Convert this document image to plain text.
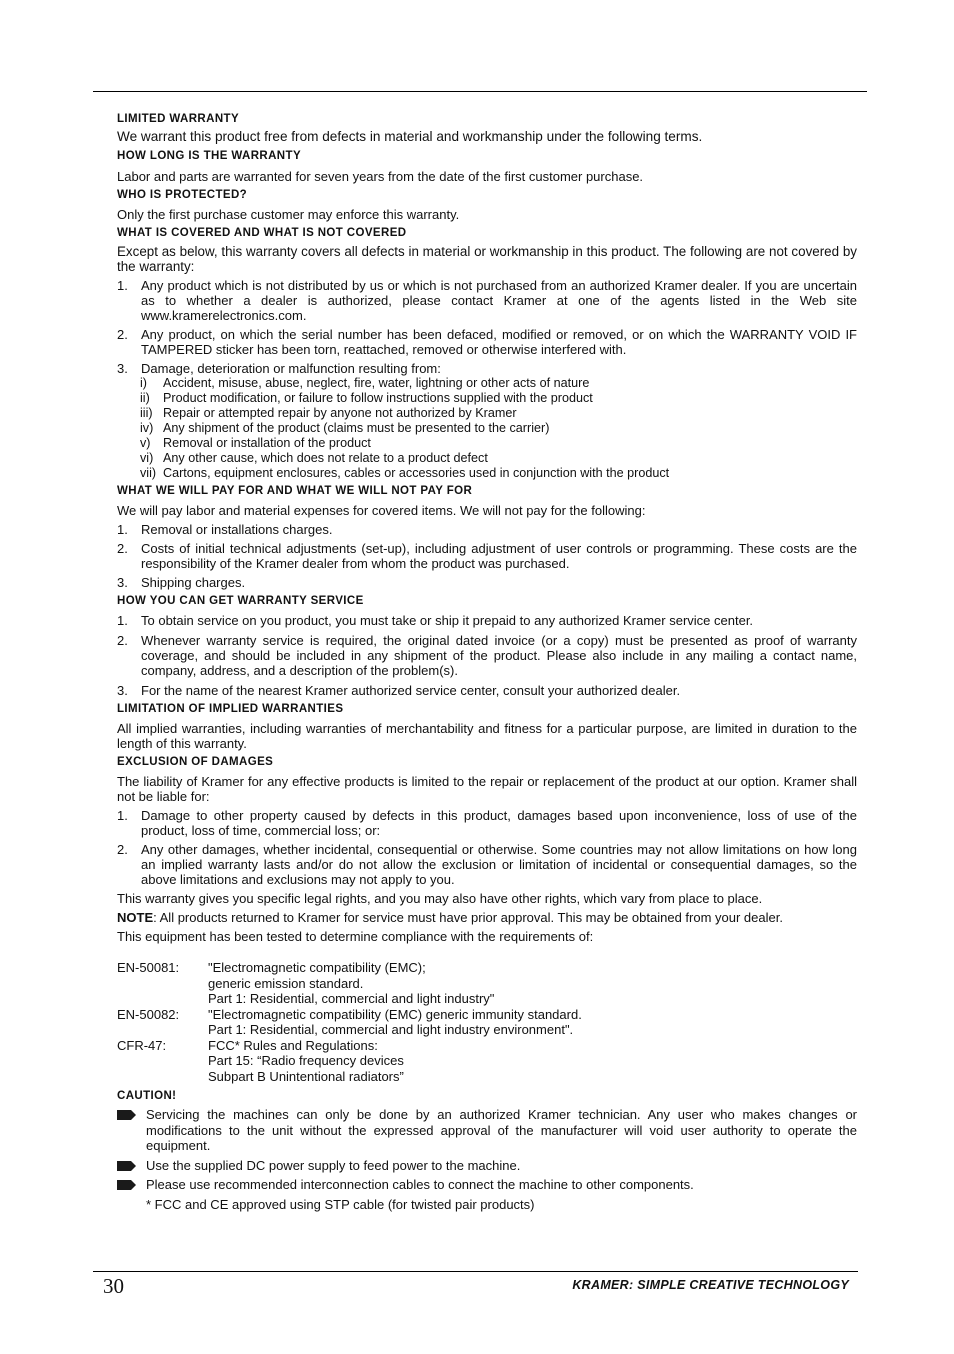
LIMITED WARRANTY
We warrant this product free from defects in material and workmanship under the following terms.
HOW LONG IS THE WARRANTY
Labor and parts are warranted for seven years from the date of the first customer purchase.
WHO IS PROTECTED?
Only the first purchase customer may enforce this warranty.
WHAT IS COVERED AND WHAT IS NOT COVERED
Except as below, this warranty covers all defects in material or workmanship in this product. The following are not covered by the warranty:
1. Any product which is not distributed by us or which is not purchased from an authorized Kramer dealer. If you are uncertain as to whether a dealer is authorized, please contact Kramer at one of the agents listed in the Web site www.kramerelectronics.com.
2. Any product, on which the serial number has been defaced, modified or removed, or on which the WARRANTY VOID IF TAMPERED sticker has been torn, reattached, removed or otherwise interfered with.
3. Damage, deterioration or malfunction resulting from:
i) Accident, misuse, abuse, neglect, fire, water, lightning or other acts of nature
ii) Product modification, or failure to follow instructions supplied with the product
iii) Repair or attempted repair by anyone not authorized by Kramer
iv) Any shipment of the product (claims must be presented to the carrier)
v) Removal or installation of the product
vi) Any other cause, which does not relate to a product defect
vii) Cartons, equipment enclosures, cables or accessories used in conjunction with the product
WHAT WE WILL PAY FOR AND WHAT WE WILL NOT PAY FOR
We will pay labor and material expenses for covered items. We will not pay for the following:
1. Removal or installations charges.
2. Costs of initial technical adjustments (set-up), including adjustment of user controls or programming. These costs are the responsibility of the Kramer dealer from whom the product was purchased.
3. Shipping charges.
HOW YOU CAN GET WARRANTY SERVICE
1. To obtain service on you product, you must take or ship it prepaid to any authorized Kramer service center.
2. Whenever warranty service is required, the original dated invoice (or a copy) must be presented as proof of warranty coverage, and should be included in any shipment of the product. Please also include in any mailing a contact name, company, address, and a description of the problem(s).
3. For the name of the nearest Kramer authorized service center, consult your authorized dealer.
LIMITATION OF IMPLIED WARRANTIES
All implied warranties, including warranties of merchantability and fitness for a particular purpose, are limited in duration to the length of this warranty.
EXCLUSION OF DAMAGES
The liability of Kramer for any effective products is limited to the repair or replacement of the product at our option. Kramer shall not be liable for:
1. Damage to other property caused by defects in this product, damages based upon inconvenience, loss of use of the product, loss of time, commercial loss; or:
2. Any other damages, whether incidental, consequential or otherwise. Some countries may not allow limitations on how long an implied warranty lasts and/or do not allow the exclusion or limitation of incidental or consequential damages, so the above limitations and exclusions may not apply to you.
This warranty gives you specific legal rights, and you may also have other rights, which vary from place to place.
NOTE: All products returned to Kramer for service must have prior approval. This may be obtained from your dealer.
This equipment has been tested to determine compliance with the requirements of:
EN-50081:	"Electromagnetic compatibility (EMC);
generic emission standard.
Part 1: Residential, commercial and light industry"
EN-50082:	"Electromagnetic compatibility (EMC) generic immunity standard.
Part 1: Residential, commercial and light industry environment".
CFR-47:	FCC* Rules and Regulations:
Part 15: “Radio frequency devices
Subpart B Unintentional radiators”
CAUTION!
Servicing the machines can only be done by an authorized Kramer technician. Any user who makes changes or modifications to the unit without the expressed approval of the manufacturer will void user authority to operate the equipment.
Use the supplied DC power supply to feed power to the machine.
Please use recommended interconnection cables to connect the machine to other components.
* FCC and CE approved using STP cable (for twisted pair products)
30	KRAMER: SIMPLE CREATIVE TECHNOLOGY
